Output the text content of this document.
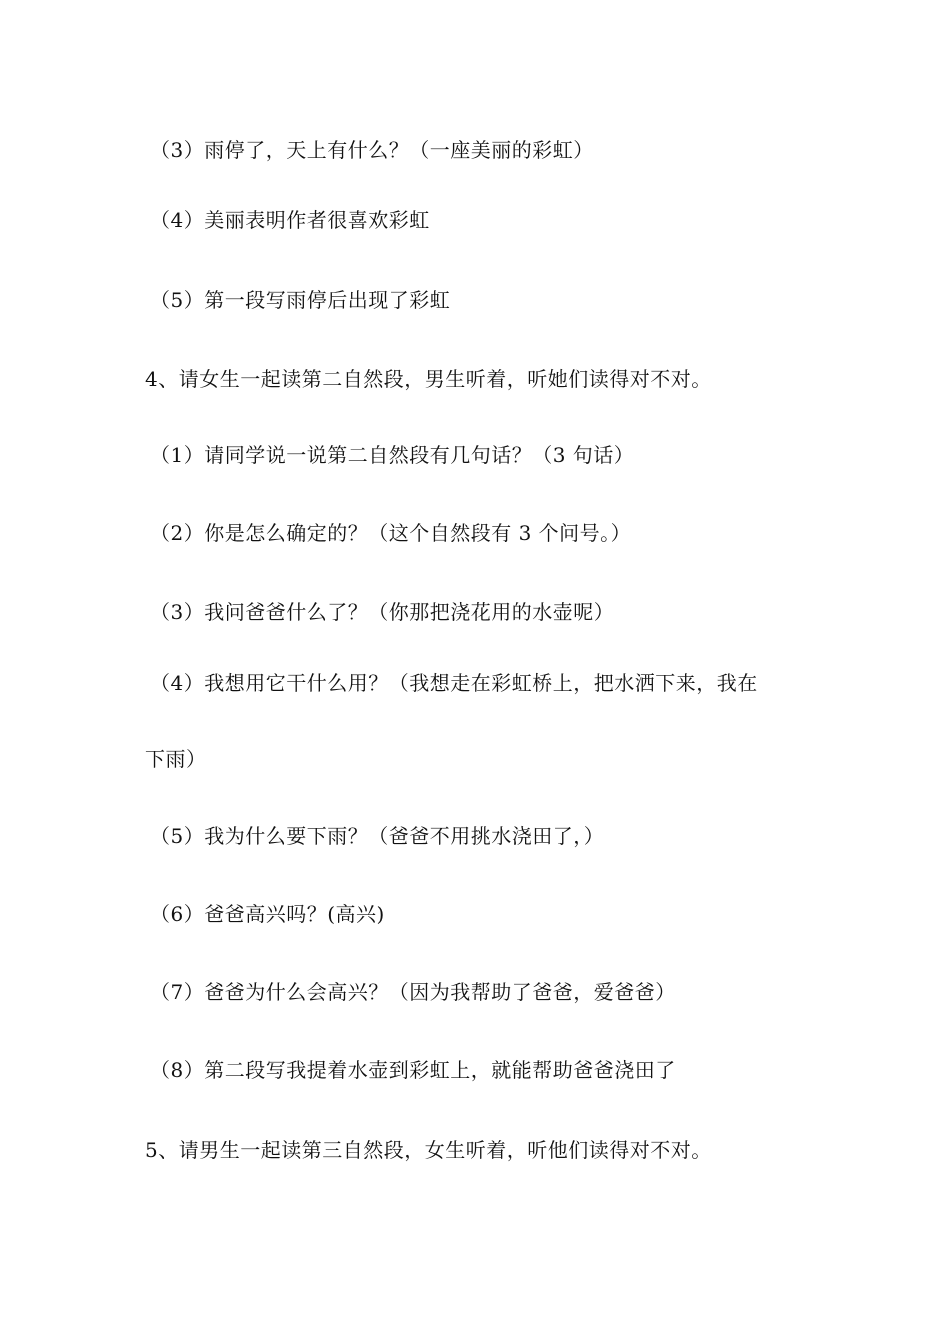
（3）雨停了，天上有什么？（一座美丽的彩虹）
（4）美丽表明作者很喜欢彩虹
（5）第一段写雨停后出现了彩虹
4、请女生一起读第二自然段，男生听着，听她们读得对不对。
（1）请同学说一说第二自然段有几句话？（3 句话）
（2）你是怎么确定的？（这个自然段有 3 个问号。）
（3）我问爸爸什么了？（你那把浇花用的水壶呢）
（4）我想用它干什么用？（我想走在彩虹桥上，把水洒下来，我在
下雨）
（5）我为什么要下雨？（爸爸不用挑水浇田了，）
（6）爸爸高兴吗？(高兴)
（7）爸爸为什么会高兴？（因为我帮助了爸爸，爱爸爸）
（8）第二段写我提着水壶到彩虹上，就能帮助爸爸浇田了
5、请男生一起读第三自然段，女生听着，听他们读得对不对。
